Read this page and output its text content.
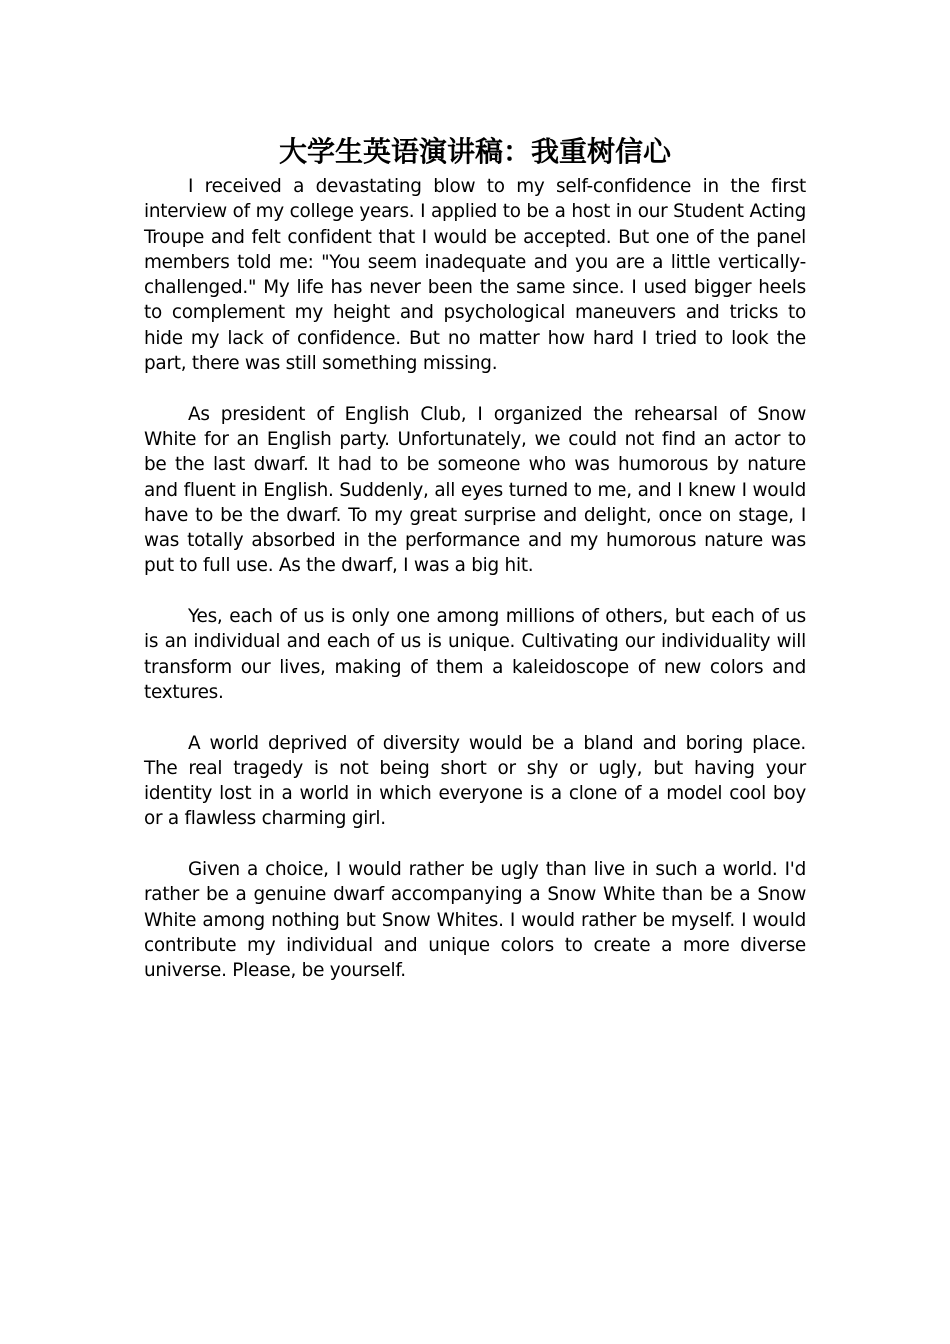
大学生英语演讲稿：我重树信心

I received a devastating blow to my self-confidence in the first interview of my college years. I applied to be a host in our Student Acting Troupe and felt confident that I would be accepted. But one of the panel members told me: "You seem inadequate and you are a little vertically-challenged." My life has never been the same since. I used bigger heels to complement my height and psychological maneuvers and tricks to hide my lack of confidence. But no matter how hard I tried to look the part, there was still something missing.

As president of English Club, I organized the rehearsal of Snow White for an English party. Unfortunately, we could not find an actor to be the last dwarf. It had to be someone who was humorous by nature and fluent in English. Suddenly, all eyes turned to me, and I knew I would have to be the dwarf. To my great surprise and delight, once on stage, I was totally absorbed in the performance and my humorous nature was put to full use. As the dwarf, I was a big hit.

Yes, each of us is only one among millions of others, but each of us is an individual and each of us is unique. Cultivating our individuality will transform our lives, making of them a kaleidoscope of new colors and textures.

A world deprived of diversity would be a bland and boring place. The real tragedy is not being short or shy or ugly, but having your identity lost in a world in which everyone is a clone of a model cool boy or a flawless charming girl.

Given a choice, I would rather be ugly than live in such a world. I'd rather be a genuine dwarf accompanying a Snow White than be a Snow White among nothing but Snow Whites. I would rather be myself. I would contribute my individual and unique colors to create a more diverse universe. Please, be yourself.
